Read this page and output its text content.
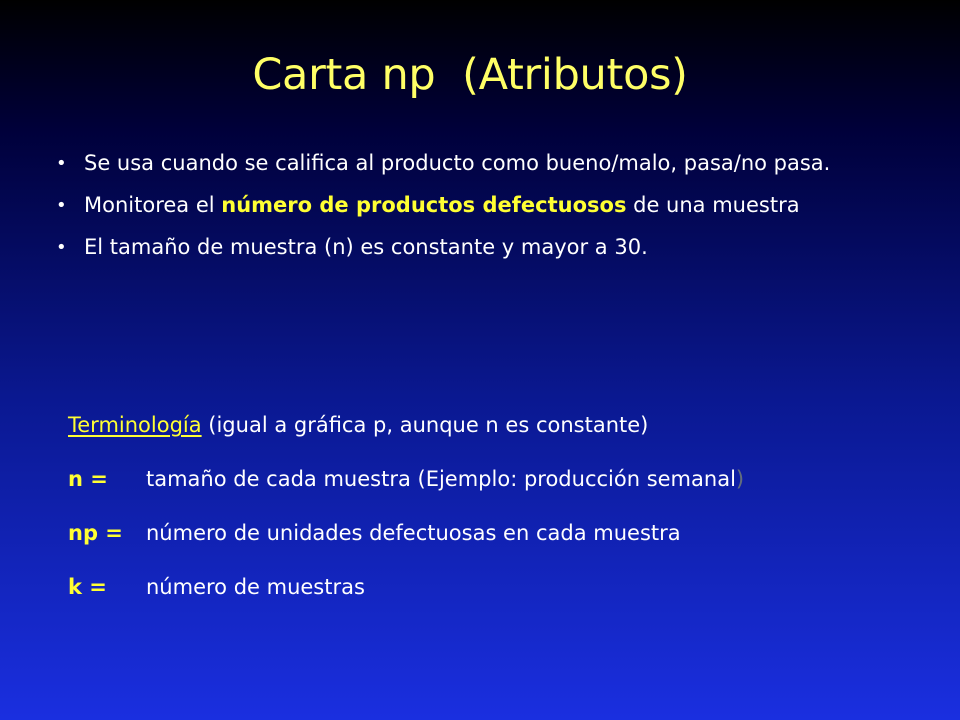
Carta np  (Atributos)
• Se usa cuando se califica al producto como bueno/malo, pasa/no pasa.
• Monitorea el número de productos defectuosos de una muestra
• El tamaño de muestra (n) es constante y mayor a 30.
Terminología (igual a gráfica p, aunque n es constante)
n = tamaño de cada muestra (Ejemplo: producción semanal)
np = número de unidades defectuosas en cada muestra
k = número de muestras
